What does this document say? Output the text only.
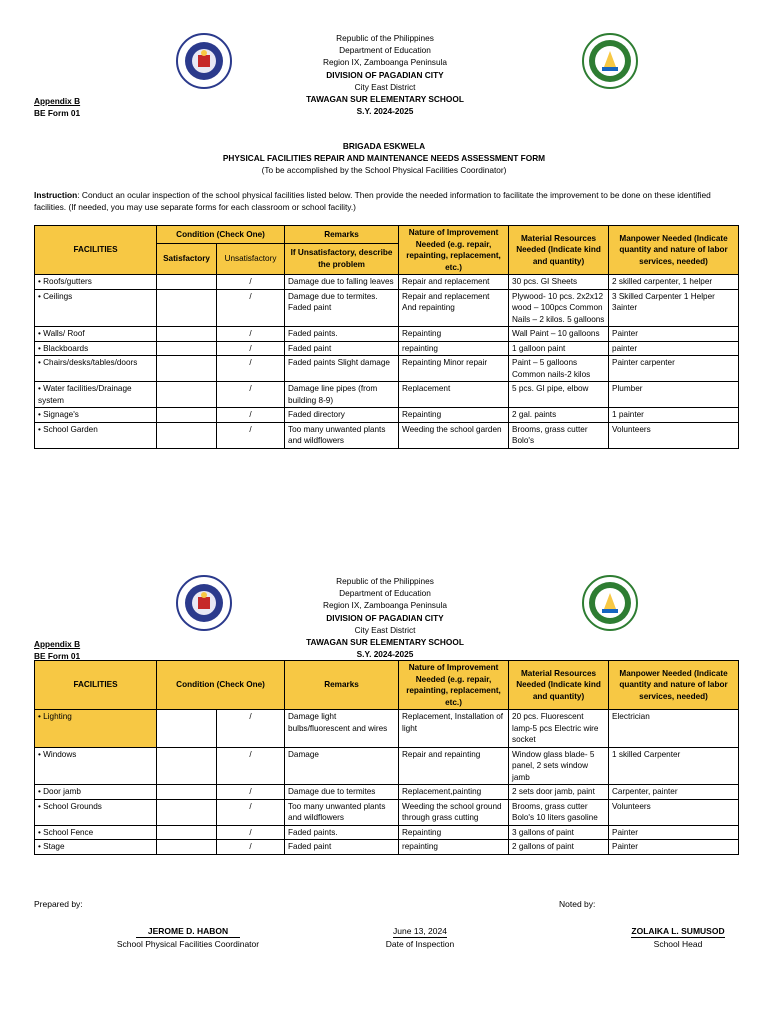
Republic of the Philippines
Department of Education
Region IX, Zamboanga Peninsula
DIVISION OF PAGADIAN CITY
City East District
TAWAGAN SUR ELEMENTARY SCHOOL
S.Y. 2024-2025
Appendix B
BE Form 01
BRIGADA ESKWELA
PHYSICAL FACILITIES REPAIR AND MAINTENANCE NEEDS ASSESSMENT FORM
(To be accomplished by the School Physical Facilities Coordinator)
Instruction: Conduct an ocular inspection of the school physical facilities listed below. Then provide the needed information to facilitate the improvement to be done on these identified facilities. (If needed, you may use separate forms for each classroom or school facility.)
FACILITIES	Condition (Check One)		Remarks	Nature of Improvement Needed (e.g. repair, repainting, replacement, etc.)	Material Resources Needed (Indicate kind and quantity)	Manpower Needed (Indicate quantity and nature of labor services, needed)
	Satisfactory	Unsatisfactory	If Unsatisfactory, describe the problem			
• Roofs/gutters		/	Damage due to falling leaves	Repair and replacement	30 pcs. GI Sheets	2 skilled carpenter, 1 helper
• Ceilings		/	Damage due to termites. Faded paint	Repair and replacement And repainting	Plywood- 10 pcs. 2x2x12 wood – 100pcs Common Nails – 2 kilos. 5 galloons	3 Skilled Carpenter 1 Helper 3ainter
• Walls/ Roof		/	Faded paints.	Repainting	Wall Paint – 10 galloons	Painter
• Blackboards		/	Faded paint	repainting	1 galloon paint	painter
• Chairs/desks/tables/doors		/	Faded paints Slight damage	Repainting Minor repair	Paint – 5 galloons Common nails-2 kilos	Painter carpenter
• Water facilities/Drainage system		/	Damage line pipes (from building 8-9)	Replacement	5 pcs. GI pipe, elbow	Plumber
• Signage's		/	Faded directory	Repainting	2 gal. paints	1 painter
• School Garden		/	Too many unwanted plants and wildflowers	Weeding the school garden	Brooms, grass cutter Bolo's	Volunteers
Republic of the Philippines
Department of Education
Region IX, Zamboanga Peninsula
DIVISION OF PAGADIAN CITY
City East District
TAWAGAN SUR ELEMENTARY SCHOOL
S.Y. 2024-2025
Appendix B
BE Form 01
FACILITIES	Condition (Check One)		Remarks	Nature of Improvement Needed (e.g. repair, repainting, replacement, etc.)	Material Resources Needed (Indicate kind and quantity)	Manpower Needed (Indicate quantity and nature of labor services, needed)

• Lighting		/	Damage light bulbs/fluorescent and wires	Replacement, Installation of light	20 pcs. Fluorescent lamp-5 pcs Electric wire socket	Electrician
• Windows		/	Damage	Repair and repainting	Window glass blade- 5 panel, 2 sets window jamb	1 skilled Carpenter
• Door jamb		/	Damage due to termites	Replacement,painting	2 sets door jamb, paint	Carpenter, painter
• School Grounds		/	Too many unwanted plants and wildflowers	Weeding the school ground through grass cutting	Brooms, grass cutter Bolo's 10 liters gasoline	Volunteers
• School Fence		/	Faded paints.	Repainting	3 gallons of paint	Painter
• Stage		/	Faded paint	repainting	2 gallons of paint	Painter
Prepared by:	Noted by:
JEROME D. HABON
School Physical Facilities Coordinator
June 13, 2024
Date of Inspection
ZOLAIKA L. SUMUSOD
School Head
